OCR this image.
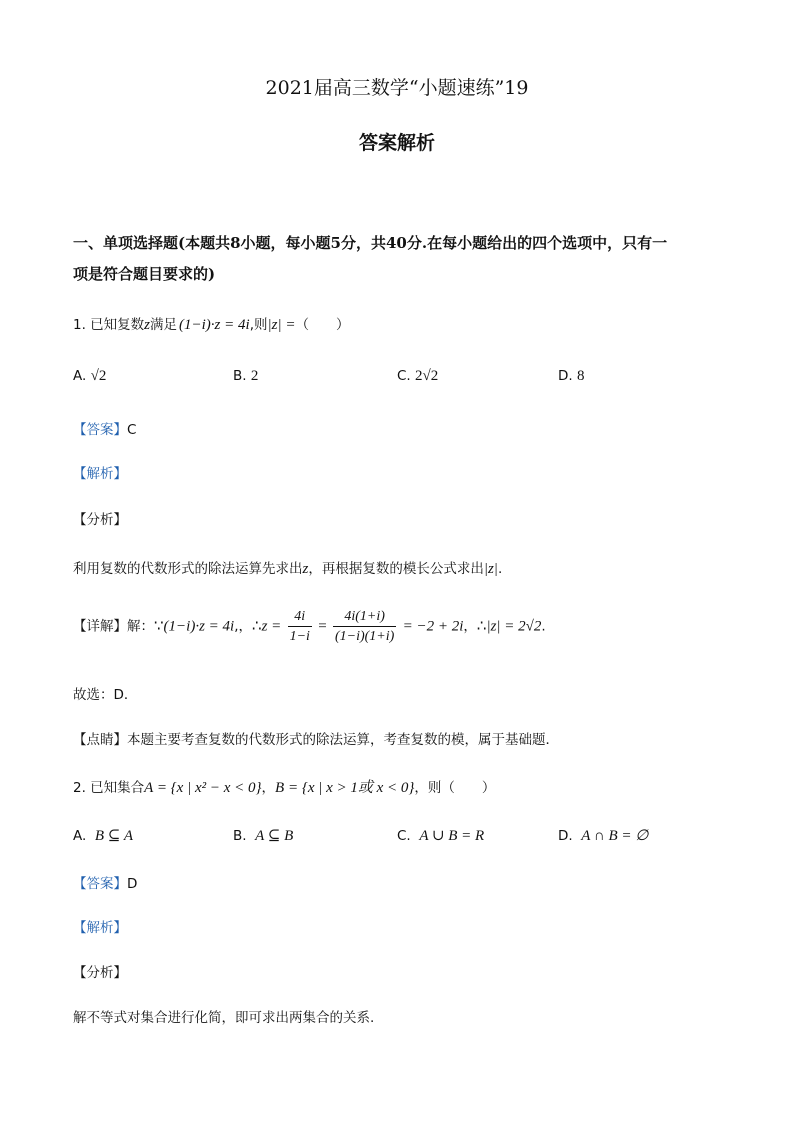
2021届高三数学“小题速练”19
答案解析
一、单项选择题(本题共8小题，每小题5分，共40分.在每小题给出的四个选项中，只有一
项是符合题目要求的)
1. 已知复数z满足 (1−i)·z = 4i,则|z| =（　　）
A. √2	B. 2	C. 2√2	D. 8
【答案】C
【解析】
【分析】
利用复数的代数形式的除法运算先求出z，再根据复数的模长公式求出|z|.
【详解】解：∵(1−i)·z = 4i,，∴z = $\frac{4i}{1-i} = \frac{4i(1+i)}{(1-i)(1+i)} = -2 + 2i$，∴|z| = 2√2.
故选：D．
【点睛】本题主要考查复数的代数形式的除法运算，考查复数的模，属于基础题．
2. 已知集合A = {x | x² − x < 0}，B = {x | x > 1或 x < 0}，则（　　）
A. B ⊆ A	B. A ⊆ B	C. A ∪ B = R	D. A ∩ B = ∅
【答案】D
【解析】
【分析】
解不等式对集合进行化简，即可求出两集合的关系.
